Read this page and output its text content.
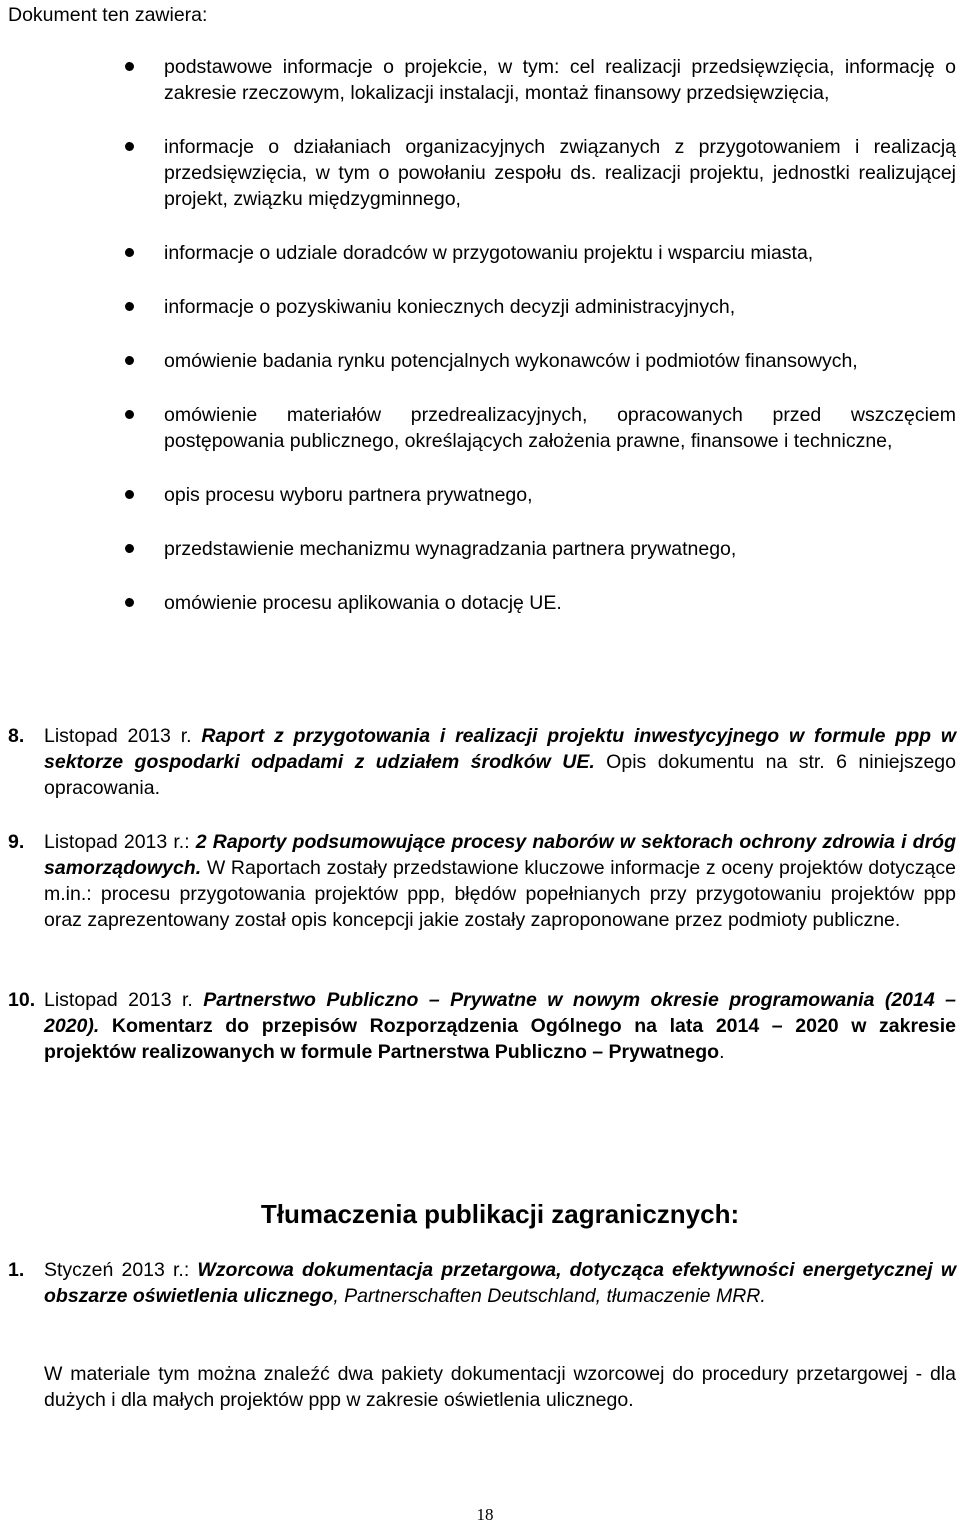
Dokument ten zawiera:
podstawowe informacje o projekcie, w tym: cel realizacji przedsięwzięcia, informację o zakresie rzeczowym, lokalizacji instalacji, montaż finansowy przedsięwzięcia,
informacje o działaniach organizacyjnych związanych z przygotowaniem i realizacją przedsięwzięcia, w tym o powołaniu zespołu ds. realizacji projektu, jednostki realizującej projekt, związku międzygminnego,
informacje o udziale doradców w przygotowaniu projektu i wsparciu miasta,
informacje o pozyskiwaniu koniecznych decyzji administracyjnych,
omówienie badania rynku potencjalnych wykonawców i podmiotów finansowych,
omówienie materiałów przedrealizacyjnych, opracowanych przed wszczęciem postępowania publicznego, określających założenia prawne, finansowe i techniczne,
opis procesu wyboru partnera prywatnego,
przedstawienie mechanizmu wynagradzania partnera prywatnego,
omówienie procesu aplikowania o dotację UE.
8. Listopad 2013 r. Raport z przygotowania i realizacji projektu inwestycyjnego w formule ppp w sektorze gospodarki odpadami z udziałem środków UE. Opis dokumentu na str. 6 niniejszego opracowania.
9. Listopad 2013 r.: 2 Raporty podsumowujące procesy naborów w sektorach ochrony zdrowia i dróg samorządowych. W Raportach zostały przedstawione kluczowe informacje z oceny projektów dotyczące m.in.: procesu przygotowania projektów ppp, błędów popełnianych przy przygotowaniu projektów ppp oraz zaprezentowany został opis koncepcji jakie zostały zaproponowane przez podmioty publiczne.
10. Listopad 2013 r. Partnerstwo Publiczno – Prywatne w nowym okresie programowania (2014 – 2020). Komentarz do przepisów Rozporządzenia Ogólnego na lata 2014 – 2020 w zakresie projektów realizowanych w formule Partnerstwa Publiczno – Prywatnego.
Tłumaczenia publikacji zagranicznych:
1. Styczeń 2013 r.: Wzorcowa dokumentacja przetargowa, dotycząca efektywności energetycznej w obszarze oświetlenia ulicznego, Partnerschaften Deutschland, tłumaczenie MRR.
W materiale tym można znaleźć dwa pakiety dokumentacji wzorcowej do procedury przetargowej - dla dużych i dla małych projektów ppp w zakresie oświetlenia ulicznego.
18
